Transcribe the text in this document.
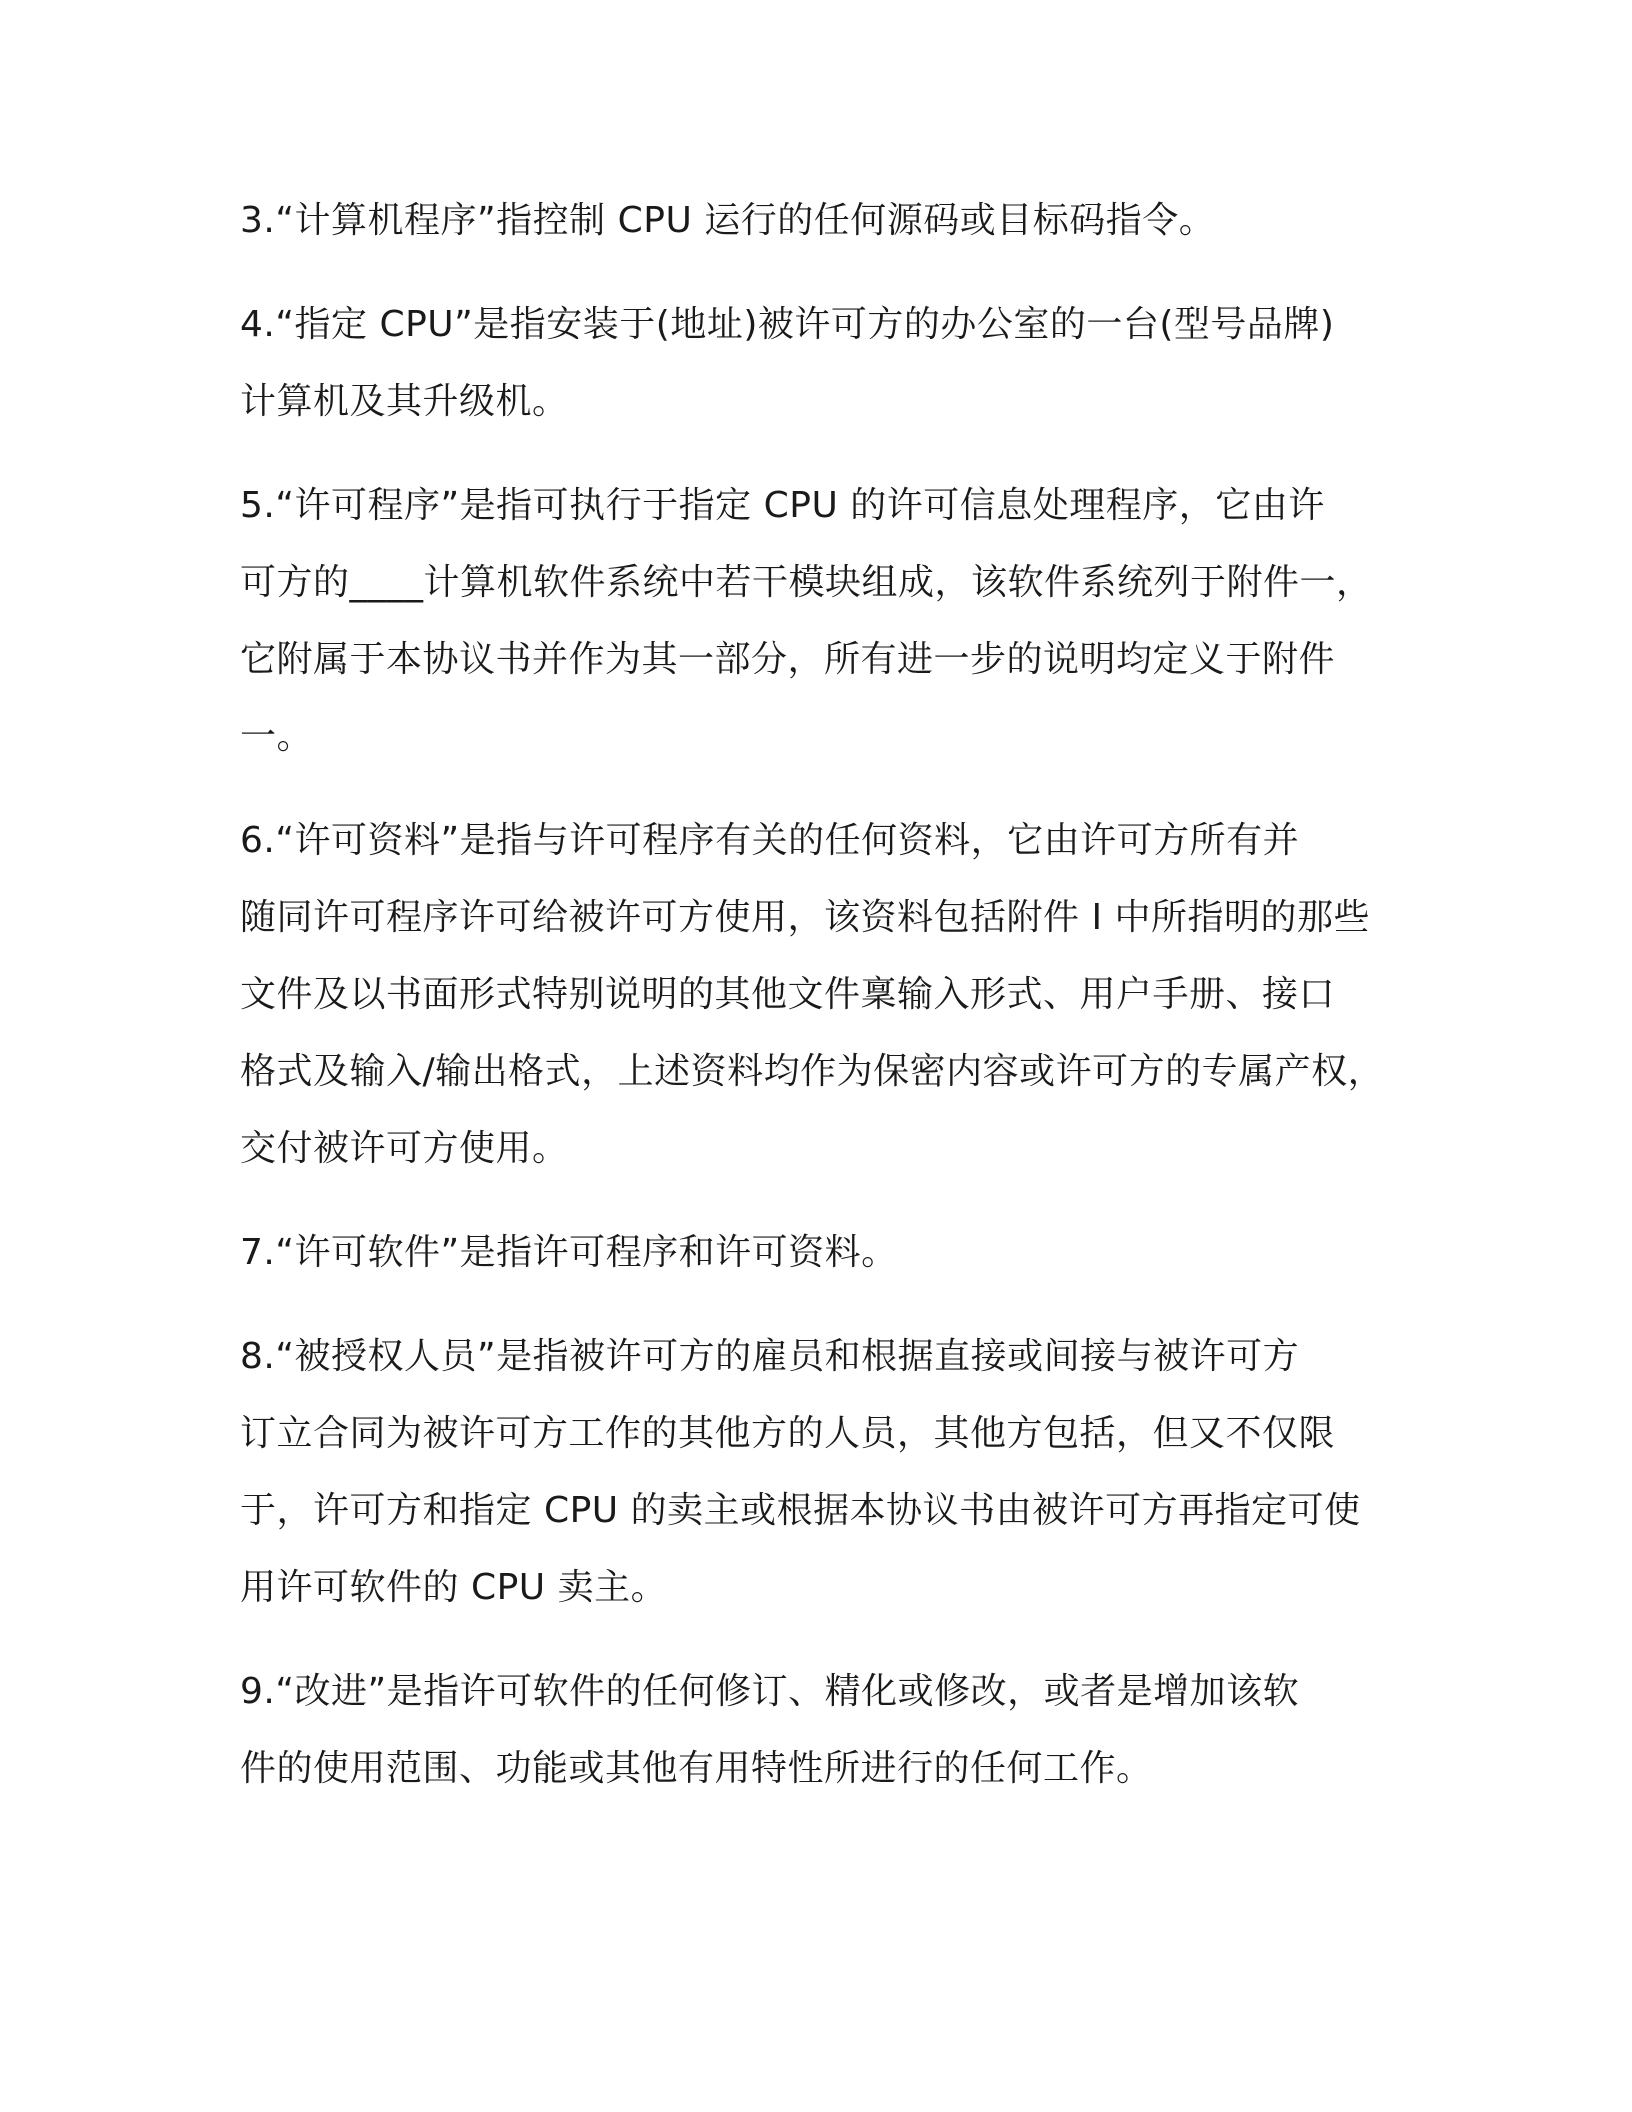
3.“计算机程序”指控制 CPU 运行的任何源码或目标码指令。

4.“指定 CPU”是指安装于(地址)被许可方的办公室的一台(型号品牌)
计算机及其升级机。

5.“许可程序”是指可执行于指定 CPU 的许可信息处理程序，它由许
可方的____计算机软件系统中若干模块组成，该软件系统列于附件一，
它附属于本协议书并作为其一部分，所有进一步的说明均定义于附件
一。

6.“许可资料”是指与许可程序有关的任何资料，它由许可方所有并
随同许可程序许可给被许可方使用，该资料包括附件 I 中所指明的那些
文件及以书面形式特别说明的其他文件稟输入形式、用户手册、接口
格式及输入/输出格式，上述资料均作为保密内容或许可方的专属产权，
交付被许可方使用。

7.“许可软件”是指许可程序和许可资料。

8.“被授权人员”是指被许可方的雇员和根据直接或间接与被许可方
订立合同为被许可方工作的其他方的人员，其他方包括，但又不仅限
于，许可方和指定 CPU 的卖主或根据本协议书由被许可方再指定可使
用许可软件的 CPU 卖主。

9.“改进”是指许可软件的任何修订、精化或修改，或者是增加该软
件的使用范围、功能或其他有用特性所进行的任何工作。
